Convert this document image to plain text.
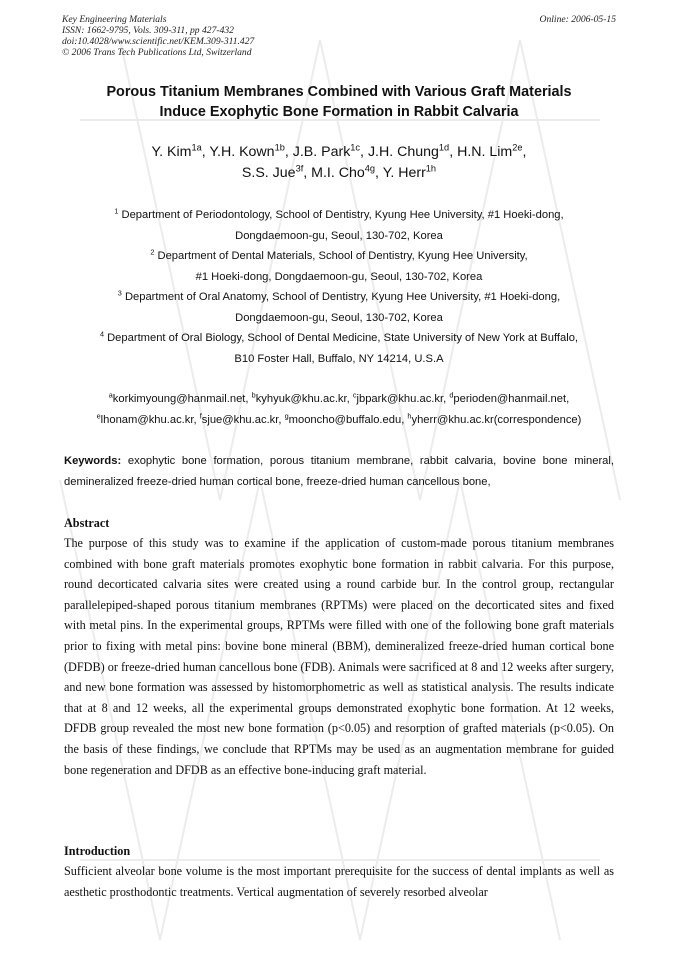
Key Engineering Materials
ISSN: 1662-9795, Vols. 309-311, pp 427-432
doi:10.4028/www.scientific.net/KEM.309-311.427
© 2006 Trans Tech Publications Ltd, Switzerland
Online: 2006-05-15
Porous Titanium Membranes Combined with Various Graft Materials
Induce Exophytic Bone Formation in Rabbit Calvaria
Y. Kim$^{1a}$, Y.H. Kown$^{1b}$, J.B. Park$^{1c}$, J.H. Chung$^{1d}$, H.N. Lim$^{2e}$,
S.S. Jue$^{3f}$, M.I. Cho$^{4g}$, Y. Herr$^{1h}$
$^1$ Department of Periodontology, School of Dentistry, Kyung Hee University, #1 Hoeki-dong,
Dongdaemoon-gu, Seoul, 130-702, Korea
$^2$ Department of Dental Materials, School of Dentistry, Kyung Hee University,
#1 Hoeki-dong, Dongdaemoon-gu, Seoul, 130-702, Korea
$^3$ Department of Oral Anatomy, School of Dentistry, Kyung Hee University, #1 Hoeki-dong,
Dongdaemoon-gu, Seoul, 130-702, Korea
$^4$ Department of Oral Biology, School of Dental Medicine, State University of New York at Buffalo,
B10 Foster Hall, Buffalo, NY 14214, U.S.A
$^a$korkimyoung@hanmail.net, $^b$kyhyuk@khu.ac.kr, $^c$jbpark@khu.ac.kr, $^d$perioden@hanmail.net,
$^e$lhonam@khu.ac.kr, $^f$sjue@khu.ac.kr, $^g$mooncho@buffalo.edu, $^h$yherr@khu.ac.kr(correspondence)
Keywords: exophytic bone formation, porous titanium membrane, rabbit calvaria, bovine bone mineral, demineralized freeze-dried human cortical bone, freeze-dried human cancellous bone,
Abstract
The purpose of this study was to examine if the application of custom-made porous titanium membranes combined with bone graft materials promotes exophytic bone formation in rabbit calvaria. For this purpose, round decorticated calvaria sites were created using a round carbide bur. In the control group, rectangular parallelepiped-shaped porous titanium membranes (RPTMs) were placed on the decorticated sites and fixed with metal pins. In the experimental groups, RPTMs were filled with one of the following bone graft materials prior to fixing with metal pins: bovine bone mineral (BBM), demineralized freeze-dried human cortical bone (DFDB) or freeze-dried human cancellous bone (FDB). Animals were sacrificed at 8 and 12 weeks after surgery, and new bone formation was assessed by histomorphometric as well as statistical analysis. The results indicate that at 8 and 12 weeks, all the experimental groups demonstrated exophytic bone formation. At 12 weeks, DFDB group revealed the most new bone formation (p<0.05) and resorption of grafted materials (p<0.05). On the basis of these findings, we conclude that RPTMs may be used as an augmentation membrane for guided bone regeneration and DFDB as an effective bone-inducing graft material.
Introduction
Sufficient alveolar bone volume is the most important prerequisite for the success of dental implants as well as aesthetic prosthodontic treatments. Vertical augmentation of severely resorbed alveolar
